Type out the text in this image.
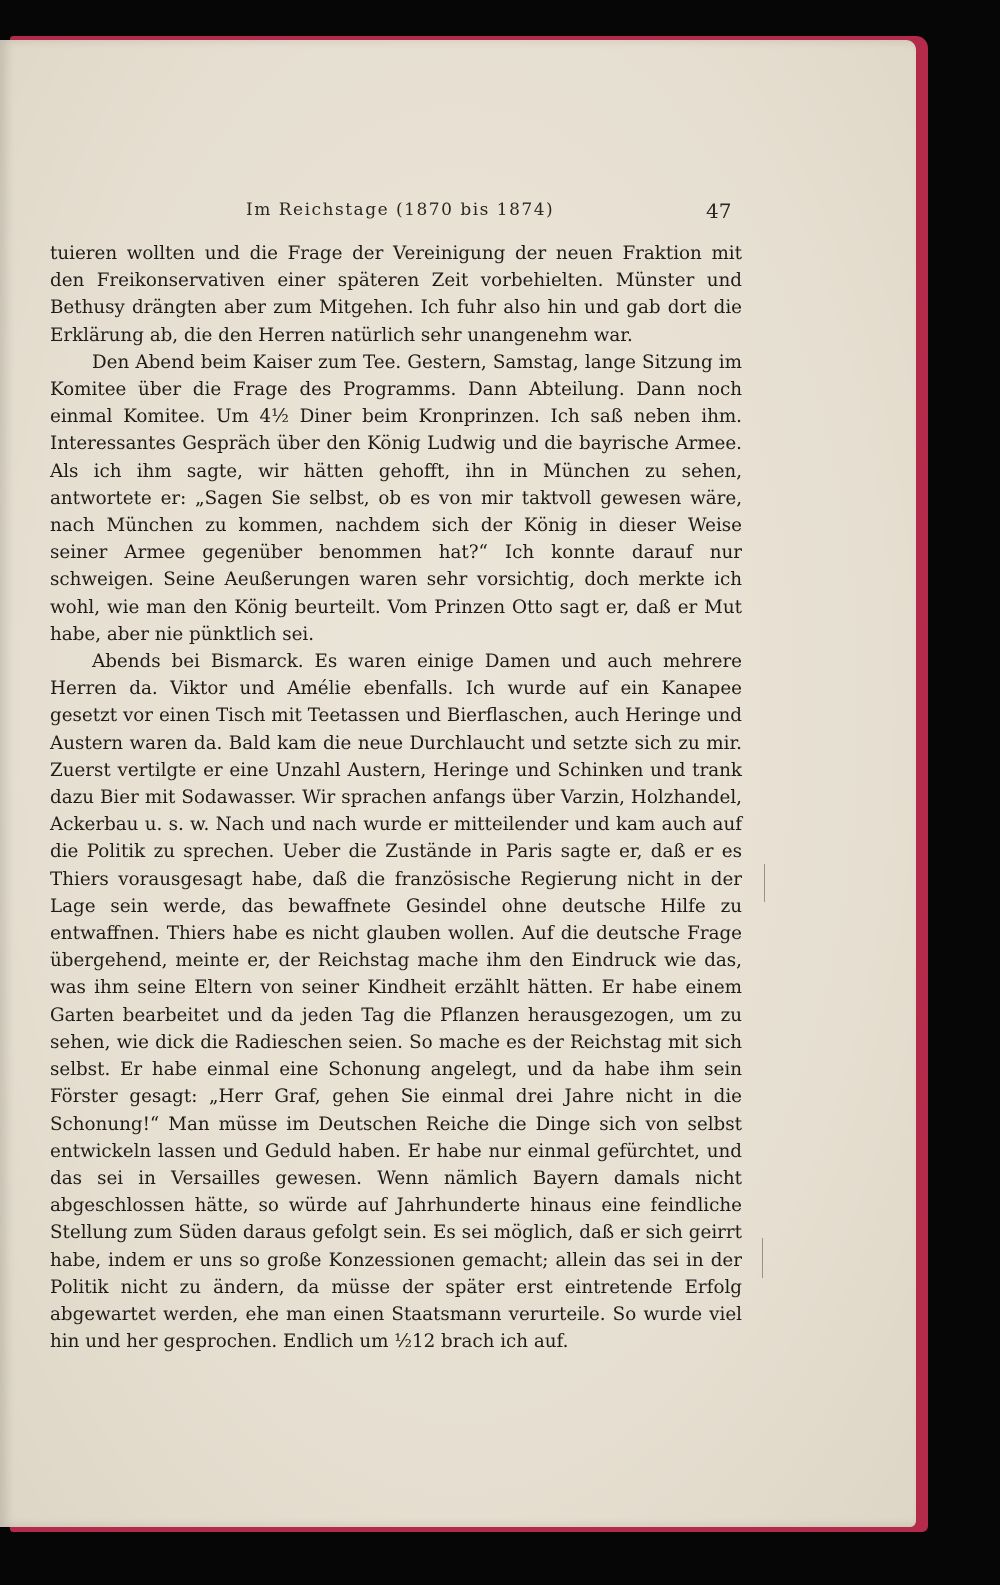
Im Reichstage (1870 bis 1874)	47

tuieren wollten und die Frage der Vereinigung der neuen Fraktion mit den Freikonservativen einer späteren Zeit vorbehielten. Münster und Bethusy drängten aber zum Mitgehen. Ich fuhr also hin und gab dort die Erklärung ab, die den Herren natürlich sehr unangenehm war.

Den Abend beim Kaiser zum Tee. Gestern, Samstag, lange Sitzung im Komitee über die Frage des Programms. Dann Abteilung. Dann noch einmal Komitee. Um 4½ Diner beim Kronprinzen. Ich saß neben ihm. Interessantes Gespräch über den König Ludwig und die bayrische Armee. Als ich ihm sagte, wir hätten gehofft, ihn in München zu sehen, antwortete er: „Sagen Sie selbst, ob es von mir taktvoll gewesen wäre, nach München zu kommen, nachdem sich der König in dieser Weise seiner Armee gegenüber benommen hat?“ Ich konnte darauf nur schweigen. Seine Aeußerungen waren sehr vorsichtig, doch merkte ich wohl, wie man den König beurteilt. Vom Prinzen Otto sagt er, daß er Mut habe, aber nie pünktlich sei.

Abends bei Bismarck. Es waren einige Damen und auch mehrere Herren da. Viktor und Amélie ebenfalls. Ich wurde auf ein Kanapee gesetzt vor einen Tisch mit Teetassen und Bierflaschen, auch Heringe und Austern waren da. Bald kam die neue Durchlaucht und setzte sich zu mir. Zuerst vertilgte er eine Unzahl Austern, Heringe und Schinken und trank dazu Bier mit Sodawasser. Wir sprachen anfangs über Varzin, Holzhandel, Ackerbau u. s. w. Nach und nach wurde er mitteilender und kam auch auf die Politik zu sprechen. Ueber die Zustände in Paris sagte er, daß er es Thiers vorausgesagt habe, daß die französische Regierung nicht in der Lage sein werde, das bewaffnete Gesindel ohne deutsche Hilfe zu entwaffnen. Thiers habe es nicht glauben wollen. Auf die deutsche Frage übergehend, meinte er, der Reichstag mache ihm den Eindruck wie das, was ihm seine Eltern von seiner Kindheit erzählt hätten. Er habe einem Garten bearbeitet und da jeden Tag die Pflanzen herausgezogen, um zu sehen, wie dick die Radieschen seien. So mache es der Reichstag mit sich selbst. Er habe einmal eine Schonung angelegt, und da habe ihm sein Förster gesagt: „Herr Graf, gehen Sie einmal drei Jahre nicht in die Schonung!“ Man müsse im Deutschen Reiche die Dinge sich von selbst entwickeln lassen und Geduld haben. Er habe nur einmal gefürchtet, und das sei in Versailles gewesen. Wenn nämlich Bayern damals nicht abgeschlossen hätte, so würde auf Jahrhunderte hinaus eine feindliche Stellung zum Süden daraus gefolgt sein. Es sei möglich, daß er sich geirrt habe, indem er uns so große Konzessionen gemacht; allein das sei in der Politik nicht zu ändern, da müsse der später erst eintretende Erfolg abgewartet werden, ehe man einen Staatsmann verurteile. So wurde viel hin und her gesprochen. Endlich um ½12 brach ich auf.
